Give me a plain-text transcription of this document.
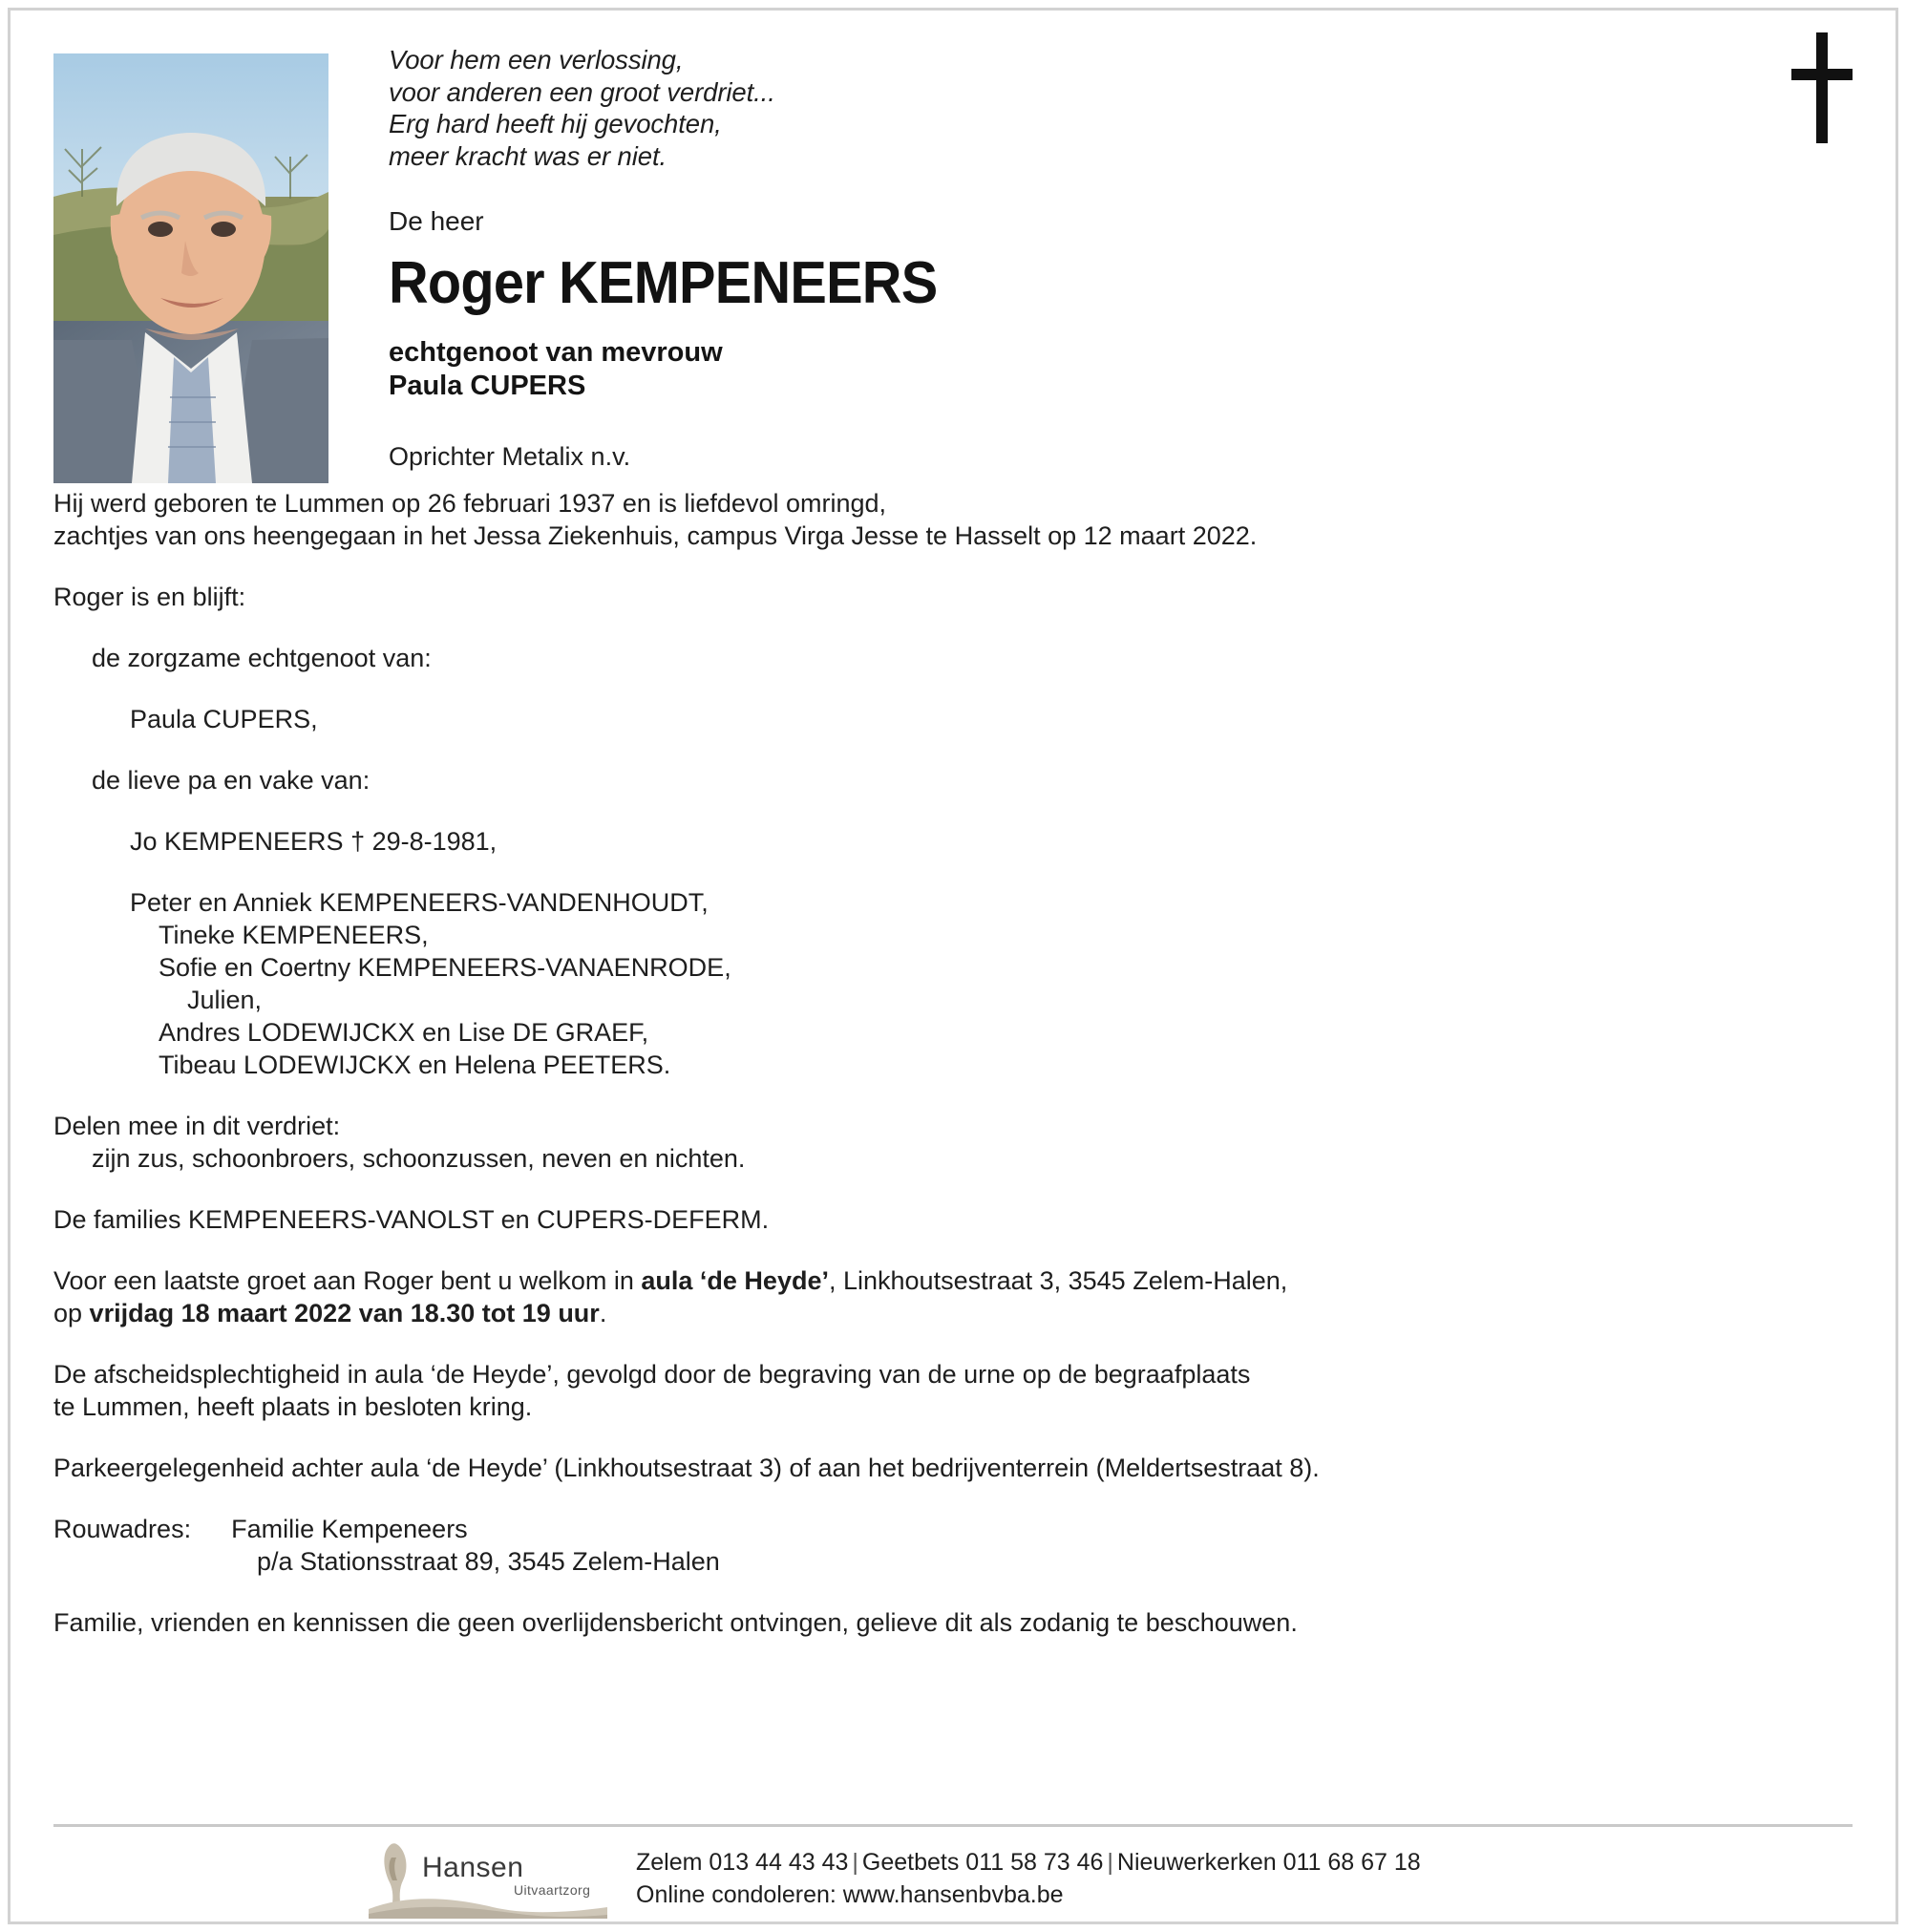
Voor hem een verlossing,
voor anderen een groot verdriet...
Erg hard heeft hij gevochten,
meer kracht was er niet.
De heer
Roger KEMPENEERS
echtgenoot van mevrouw
Paula CUPERS
Oprichter Metalix n.v.
Hij werd geboren te Lummen op 26 februari 1937 en is liefdevol omringd,
zachtjes van ons heengegaan in het Jessa Ziekenhuis, campus Virga Jesse te Hasselt op 12 maart 2022.
Roger is en blijft:
de zorgzame echtgenoot van:
Paula CUPERS,
de lieve pa en vake van:
Jo KEMPENEERS † 29-8-1981,
Peter en Anniek KEMPENEERS-VANDENHOUDT,
Tineke KEMPENEERS,
Sofie en Coertny KEMPENEERS-VANAENRODE,
Julien,
Andres LODEWIJCKX en Lise DE GRAEF,
Tibeau LODEWIJCKX en Helena PEETERS.
Delen mee in dit verdriet:
zijn zus, schoonbroers, schoonzussen, neven en nichten.
De families KEMPENEERS-VANOLST en CUPERS-DEFERM.
Voor een laatste groet aan Roger bent u welkom in aula ‘de Heyde’, Linkhoutsestraat 3, 3545 Zelem-Halen,
op vrijdag 18 maart 2022 van 18.30 tot 19 uur.
De afscheidsplechtigheid in aula ‘de Heyde’, gevolgd door de begraving van de urne op de begraafplaats
te Lummen, heeft plaats in besloten kring.
Parkeergelegenheid achter aula ‘de Heyde’ (Linkhoutsestraat 3) of aan het bedrijventerrein (Meldertsestraat 8).
Rouwadres: Familie Kempeneers
p/a Stationsstraat 89, 3545 Zelem-Halen
Familie, vrienden en kennissen die geen overlijdensbericht ontvingen, gelieve dit als zodanig te beschouwen.
Hansen
Uitvaartzorg
Zelem 013 44 43 43 | Geetbets 011 58 73 46 | Nieuwerkerken 011 68 67 18
Online condoleren: www.hansenbvba.be
